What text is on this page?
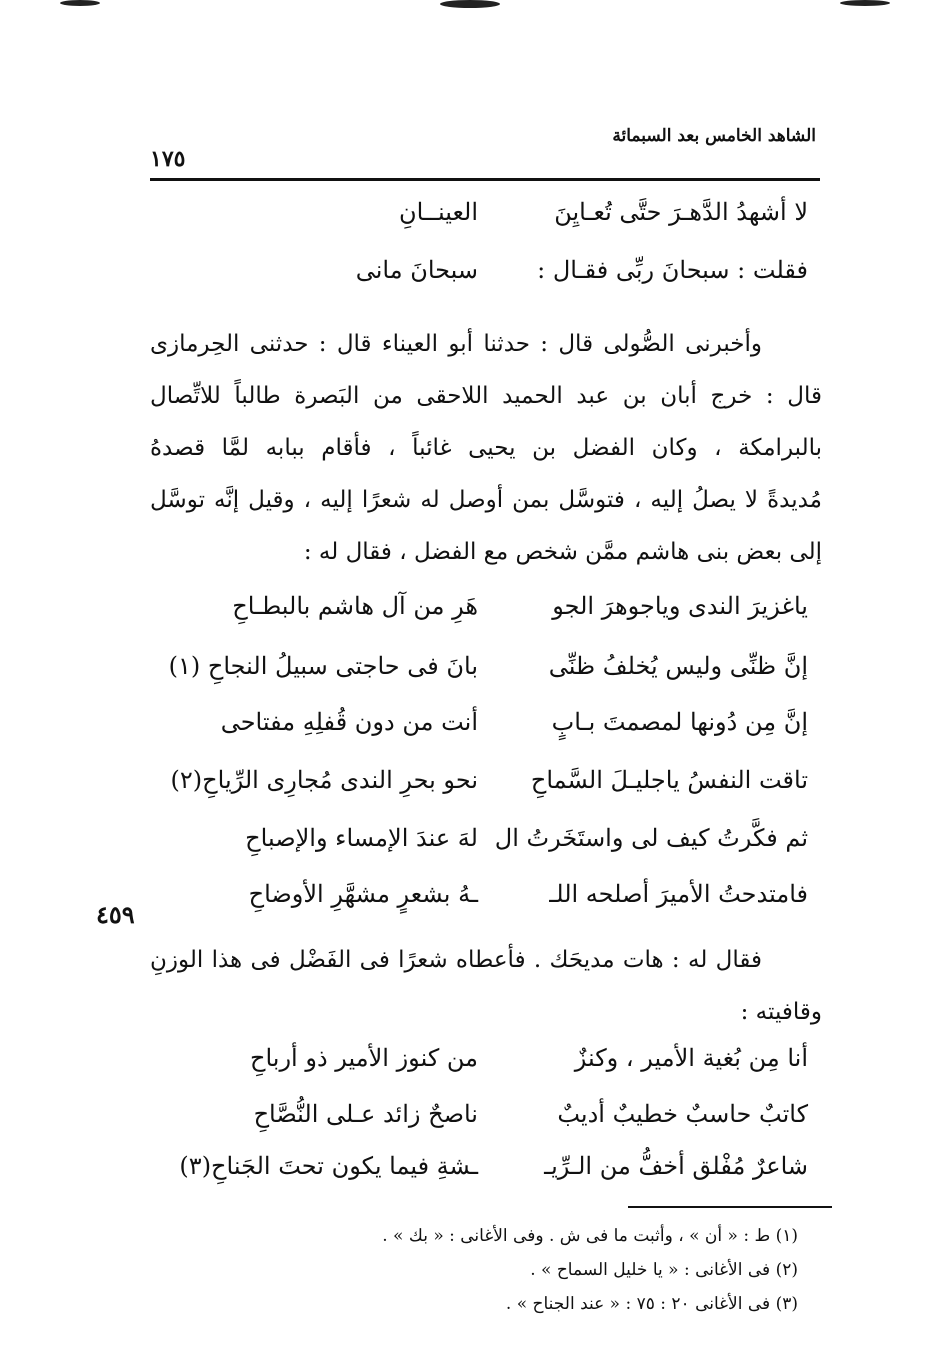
الشاهد الخامس بعد السبمائة
١٧٥
لا أشهدُ الدَّهـرَ حتَّى تُعـايِنَ
العينــانِ
فقلت : سبحانَ ربِّى فقـال :
سبحانَ مانى
وأخبرنى الصُّولى قال : حدثنا أبو العيناء قال : حدثنى الحِرمازى
قال : خرج أبان بن عبد الحميد اللاحقى من البَصرة طالباً للاتِّصال
بالبرامكة ، وكان الفضل بن يحيى غائباً ، فأقام ببابه لمَّا قصدهُ
مُديدةً لا يصلُ إليه ، فتوسَّل بمن أوصل له شعرًا إليه ، وقيل إنَّه توسَّل
إلى بعض بنى هاشم ممَّن شخص مع الفضل ، فقال له :
ياغزيرَ الندى وياجوهرَ الجو
هَرِ من آل هاشم بالبطـاحِ
إنَّ ظنِّى وليس يُخلفُ ظنِّى
بانَ فى حاجتى سبيلُ النجاحِ (١)
إنَّ مِن دُونها لمصمتَ بـابٍ
أنت من دون قُفلِهِ مفتاحى
تاقت النفسُ ياجليـلَ السَّماحِ
نحو بحرِ الندى مُجارِى الرِّياحِ(٢)
ثم فكَّرتُ كيف لى واستَخَرتُ ال
لهَ عندَ الإمساء والإصباحِ
فامتدحتُ الأميرَ أصلحه اللـ
ـهُ بشعرٍ مشهَّرِ الأوضاحِ
٤٥٩
فقال له : هات مديحَك . فأعطاه شعرًا فى الفَضْل فى هذا الوزنِ
وقافيته :
أنا مِن بُغية الأمير ، وكنزٌ
من كنوز الأمير ذو أرباحِ
كاتبٌ حاسبٌ خطيبٌ أديبٌ
ناصحٌ زائد عـلى النُّصَّاحِ
شاعرٌ مُفْلق أخفُّ من الـرِّيـ
ـشةِ فيما يكون تحتَ الجَناحِ(٣)
(١) ط : « أن » ، وأثبت ما فى ش . وفى الأغانى : « بك » .
(٢) فى الأغانى : « يا خليل السماح » .
(٣) فى الأغانى ٢٠ : ٧٥ : « عند الجناح » .
